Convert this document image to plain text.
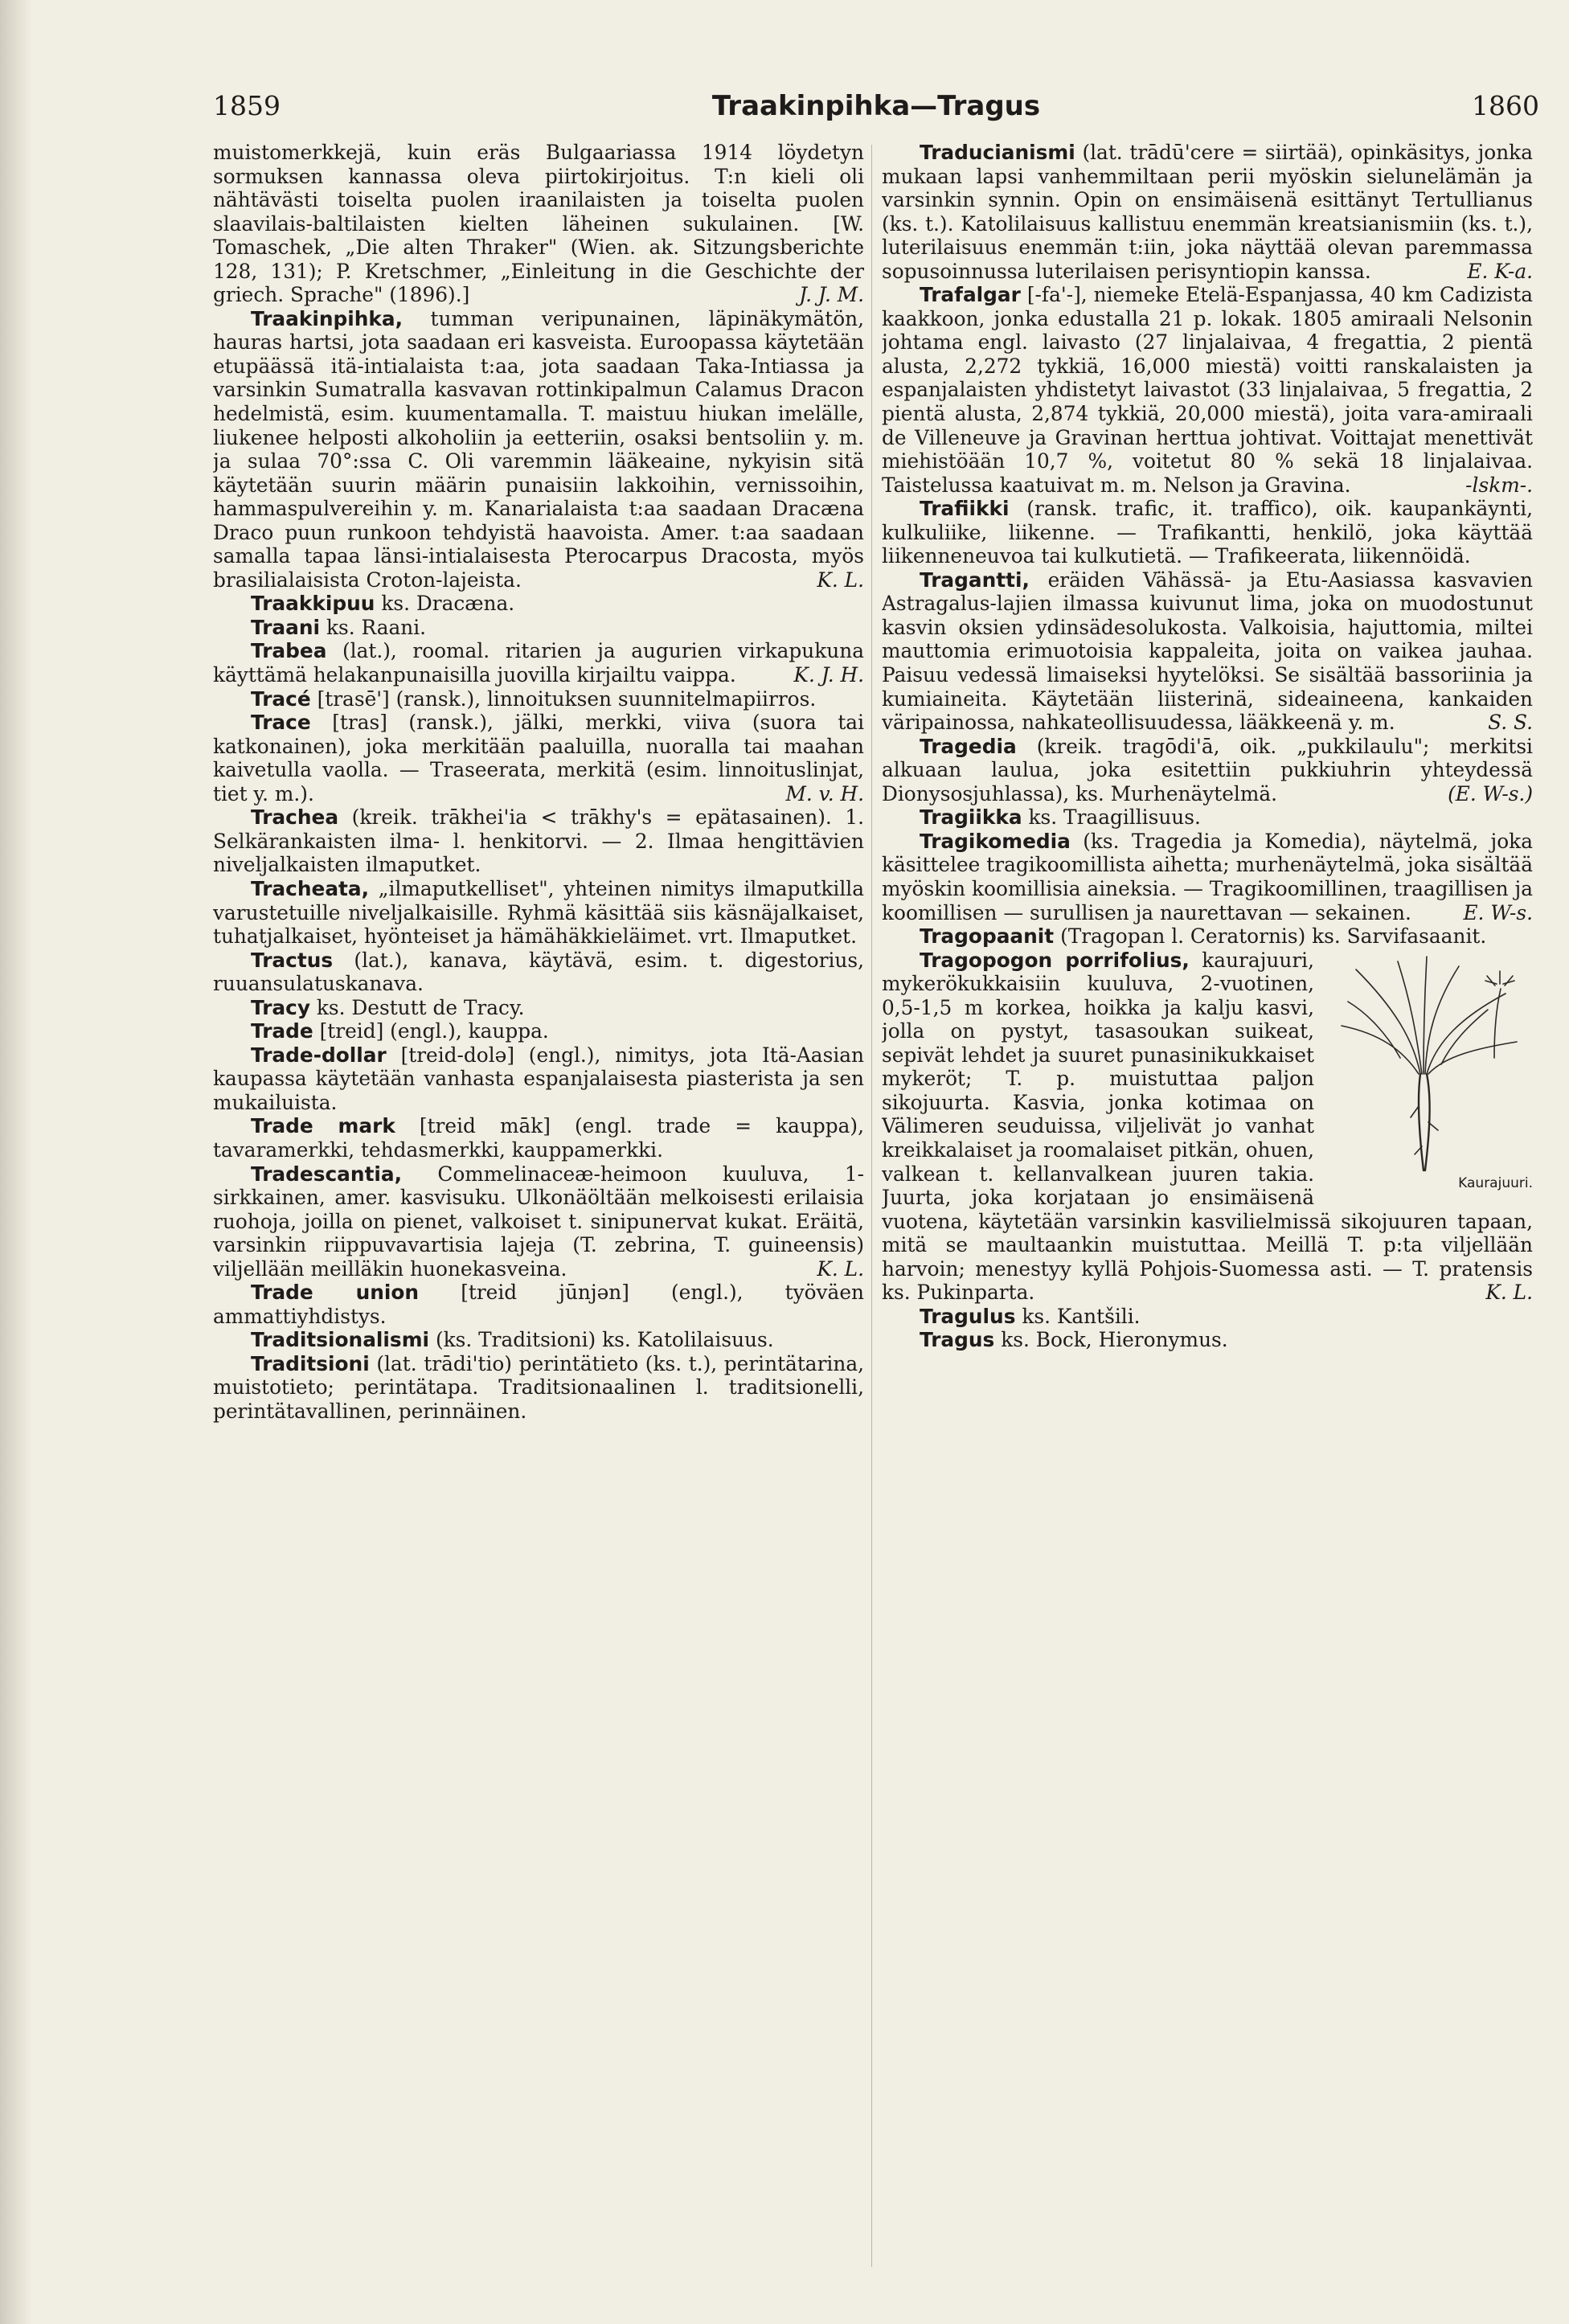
1859	Traakinpihka—Tragus	1860

muistomerkkejä, kuin eräs Bulgaariassa 1914 löydetyn sormuksen kannassa oleva piirtokirjoitus. T:n kieli oli nähtävästi toiselta puolen iraanilaisten ja toiselta puolen slaavilais-baltilaisten kielten läheinen sukulainen. [W. Tomaschek, „Die alten Thraker" (Wien. ak. Sitzungsberichte 128, 131); P. Kretschmer, „Einleitung in die Geschichte der griech. Sprache" (1896).]	J. J. M.

Traakinpihka, tumman veripunainen, läpinäkymätön, hauras hartsi, jota saadaan eri kasveista. Euroopassa käytetään etupäässä itä-intialaista t:aa, jota saadaan Taka-Intiassa ja varsinkin Sumatralla kasvavan rottinkipalmun Calamus Dracon hedelmistä, esim. kuumentamalla. T. maistuu hiukan imelälle, liukenee helposti alkoholiin ja eetteriin, osaksi bentsoliin y. m. ja sulaa 70°:ssa C. Oli varemmin lääkeaine, nykyisin sitä käytetään suurin määrin punaisiin lakkoihin, vernissoihin, hammaspulvereihin y. m. Kanarialaista t:aa saadaan Dracæna Draco puun runkoon tehdyistä haavoista. Amer. t:aa saadaan samalla tapaa länsi-intialaisesta Pterocarpus Dracosta, myös brasilialaisista Croton-lajeista.	K. L.

Traakkipuu ks. Dracæna.

Traani ks. Raani.

Trabea (lat.), roomal. ritarien ja augurien virkapukuna käyttämä helakanpunaisilla juovilla kirjailtu vaippa.	K. J. H.

Tracé [trasē'] (ransk.), linnoituksen suunnitelmapiirros.

Trace [tras] (ransk.), jälki, merkki, viiva (suora tai katkonainen), joka merkitään paaluilla, nuoralla tai maahan kaivetulla vaolla. — Traseerata, merkitä (esim. linnoituslinjat, tiet y. m.).	M. v. H.

Trachea (kreik. trākhei'ia < trākhy's = epätasainen). 1. Selkärankaisten ilma- l. henkitorvi. — 2. Ilmaa hengittävien niveljalkaisten ilmaputket.

Tracheata, „ilmaputkelliset", yhteinen nimitys ilmaputkilla varustetuille niveljalkaisille. Ryhmä käsittää siis käsnäjalkaiset, tuhatjalkaiset, hyönteiset ja hämähäkkieläimet. vrt. Ilmaputket.

Tractus (lat.), kanava, käytävä, esim. t. digestorius, ruuansulatuskanava.

Tracy ks. Destutt de Tracy.

Trade [treid] (engl.), kauppa.

Trade-dollar [treid-dolə] (engl.), nimitys, jota Itä-Aasian kaupassa käytetään vanhasta espanjalaisesta piasterista ja sen mukailuista.

Trade mark [treid māk] (engl. trade = kauppa), tavaramerkki, tehdasmerkki, kauppamerkki.

Tradescantia, Commelinaceæ-heimoon kuuluva, 1-sirkkainen, amer. kasvisuku. Ulkonäöltään melkoisesti erilaisia ruohoja, joilla on pienet, valkoiset t. sinipunervat kukat. Eräitä, varsinkin riippuvavartisia lajeja (T. zebrina, T. guineensis) viljellään meilläkin huonekasveina.	K. L.

Trade union [treid jūnjən] (engl.), työväen ammattiyhdistys.

Traditsionalismi (ks. Traditsioni) ks. Katolilaisuus.

Traditsioni (lat. trādi'tio) perintätieto (ks. t.), perintätarina, muistotieto; perintätapa. Traditsionaalinen l. traditsionelli, perintätavallinen, perinnäinen.

Traducianismi (lat. trādū'cere = siirtää), opinkäsitys, jonka mukaan lapsi vanhemmiltaan perii myöskin sielunelämän ja varsinkin synnin. Opin on ensimäisenä esittänyt Tertullianus (ks. t.). Katolilaisuus kallistuu enemmän kreatsianismiin (ks. t.), luterilaisuus enemmän t:iin, joka näyttää olevan paremmassa sopusoinnussa luterilaisen perisyntiopin kanssa.	E. K-a.

Trafalgar [-fa'-], niemeke Etelä-Espanjassa, 40 km Cadizista kaakkoon, jonka edustalla 21 p. lokak. 1805 amiraali Nelsonin johtama engl. laivasto (27 linjalaivaa, 4 fregattia, 2 pientä alusta, 2,272 tykkiä, 16,000 miestä) voitti ranskalaisten ja espanjalaisten yhdistetyt laivastot (33 linjalaivaa, 5 fregattia, 2 pientä alusta, 2,874 tykkiä, 20,000 miestä), joita vara-amiraali de Villeneuve ja Gravinan herttua johtivat. Voittajat menettivät miehistöään 10,7 %, voitetut 80 % sekä 18 linjalaivaa. Taistelussa kaatuivat m. m. Nelson ja Gravina.	-lskm-.

Trafiikki (ransk. trafic, it. traffico), oik. kaupankäynti, kulkuliike, liikenne. — Trafikantti, henkilö, joka käyttää liikenneneuvoa tai kulkutietä. — Trafikeerata, liikennöidä.

Tragantti, eräiden Vähässä- ja Etu-Aasiassa kasvavien Astragalus-lajien ilmassa kuivunut lima, joka on muodostunut kasvin oksien ydinsädesolukosta. Valkoisia, hajuttomia, miltei mauttomia erimuotoisia kappaleita, joita on vaikea jauhaa. Paisuu vedessä limaiseksi hyytelöksi. Se sisältää bassoriinia ja kumiaineita. Käytetään liisterinä, sideaineena, kankaiden väripainossa, nahkateollisuudessa, lääkkeenä y. m.	S. S.

Tragedia (kreik. tragōdi'ā, oik. „pukkilaulu"; merkitsi alkuaan laulua, joka esitettiin pukkiuhrin yhteydessä Dionysosjuhlassa), ks. Murhenäytelmä.	(E. W-s.)

Tragiikka ks. Traagillisuus.

Tragikomedia (ks. Tragedia ja Komedia), näytelmä, joka käsittelee tragikoomillista aihetta; murhenäytelmä, joka sisältää myöskin koomillisia aineksia. — Tragikoomillinen, traagillisen ja koomillisen — surullisen ja naurettavan — sekainen.	E. W-s.

Tragopaanit (Tragopan l. Ceratornis) ks. Sarvifasaanit.

Tragopogon porrifolius,
Kaurajuuri.
kaurajuuri, mykerökukkaisiin kuuluva, 2-vuotinen, 0,5-1,5 m korkea, hoikka ja kalju kasvi, jolla on pystyt, tasasoukan suikeat, sepivät lehdet ja suuret punasinikukkaiset mykeröt; T. p. muistuttaa paljon sikojuurta. Kasvia, jonka kotimaa on Välimeren seuduissa, viljelivät jo vanhat kreikkalaiset ja roomalaiset pitkän, ohuen, valkean t. kellanvalkean juuren takia. Juurta, joka korjataan jo ensimäisenä vuotena, käytetään varsinkin kasvilielmissä sikojuuren tapaan, mitä se maultaankin muistuttaa. Meillä T. p:ta viljellään harvoin; menestyy kyllä Pohjois-Suomessa asti. — T. pratensis ks. Pukinparta.	K. L.

Tragulus ks. Kantšili.

Tragus ks. Bock, Hieronymus.
